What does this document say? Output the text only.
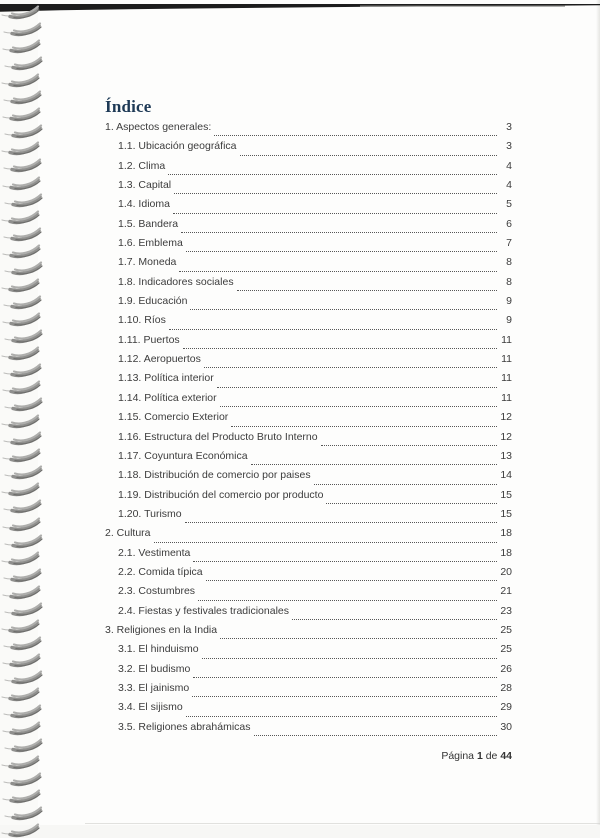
Índice
1. Aspectos generales:	3
1.1. Ubicación geográfica	3
1.2. Clima	4
1.3. Capital	4
1.4. Idioma	5
1.5. Bandera	6
1.6. Emblema	7
1.7. Moneda	8
1.8. Indicadores sociales	8
1.9. Educación	9
1.10. Ríos	9
1.11. Puertos	11
1.12. Aeropuertos	11
1.13. Política interior	11
1.14. Política exterior	11
1.15. Comercio Exterior	12
1.16. Estructura del Producto Bruto Interno	12
1.17. Coyuntura Económica	13
1.18. Distribución de comercio por paises	14
1.19. Distribución del comercio por producto	15
1.20. Turismo	15
2. Cultura	18
2.1. Vestimenta	18
2.2. Comida típica	20
2.3. Costumbres	21
2.4. Fiestas y festivales tradicionales	23
3. Religiones en la India	25
3.1. El hinduismo	25
3.2. El budismo	26
3.3. El jainismo	28
3.4. El sijismo	29
3.5. Religiones abrahámicas	30
Página 1 de 44
